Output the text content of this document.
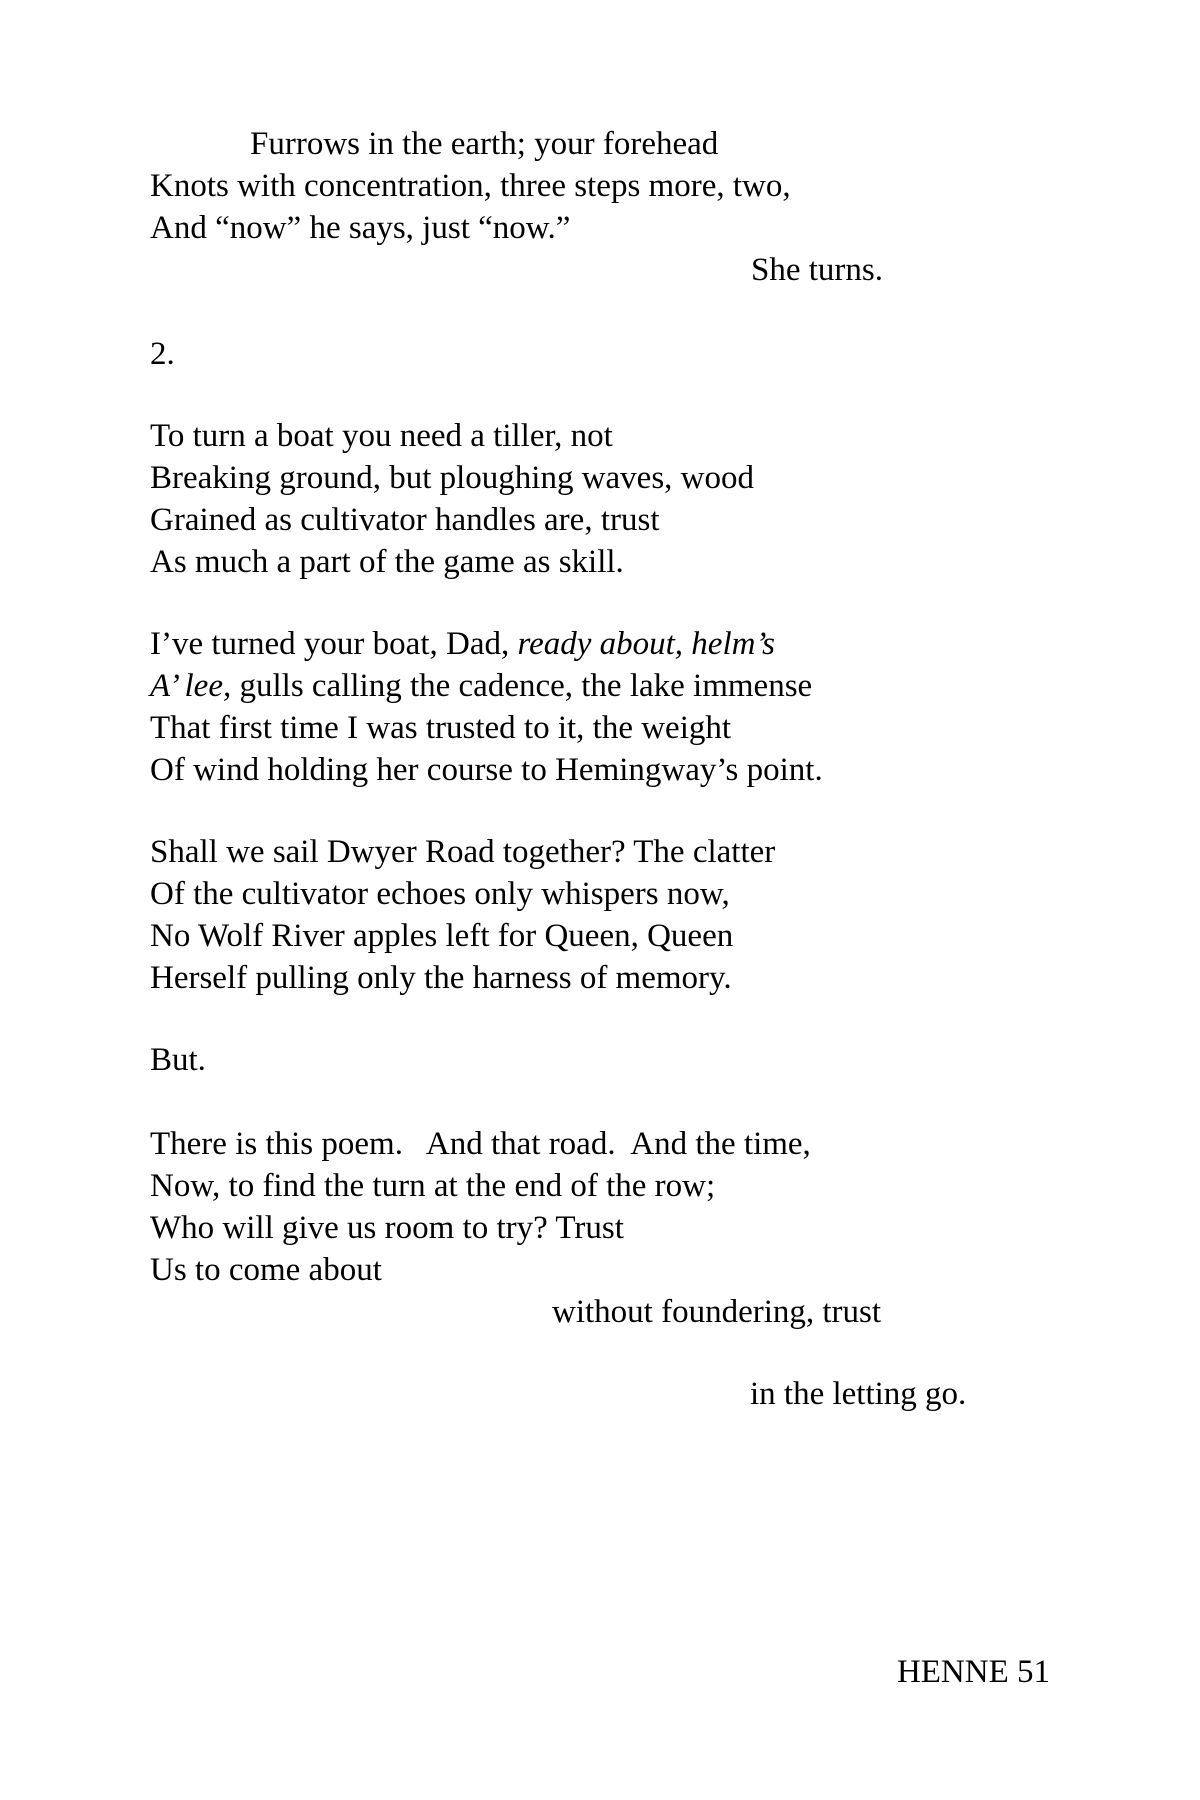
Furrows in the earth; your forehead

Knots with concentration, three steps more, two,

And “now” he says, just “now.”

She turns.

2.

To turn a boat you need a tiller, not

Breaking ground, but ploughing waves, wood

Grained as cultivator handles are, trust

As much a part of the game as skill.

I’ve turned your boat, Dad, ready about, helm’s

A’ lee, gulls calling the cadence, the lake immense

That first time I was trusted to it, the weight

Of wind holding her course to Hemingway’s point.

Shall we sail Dwyer Road together? The clatter

Of the cultivator echoes only whispers now,

No Wolf River apples left for Queen, Queen

Herself pulling only the harness of memory.

But.

There is this poem.   And that road.  And the time,

Now, to find the turn at the end of the row;

Who will give us room to try? Trust

Us to come about

without foundering, trust

in the letting go.

HENNE 51
